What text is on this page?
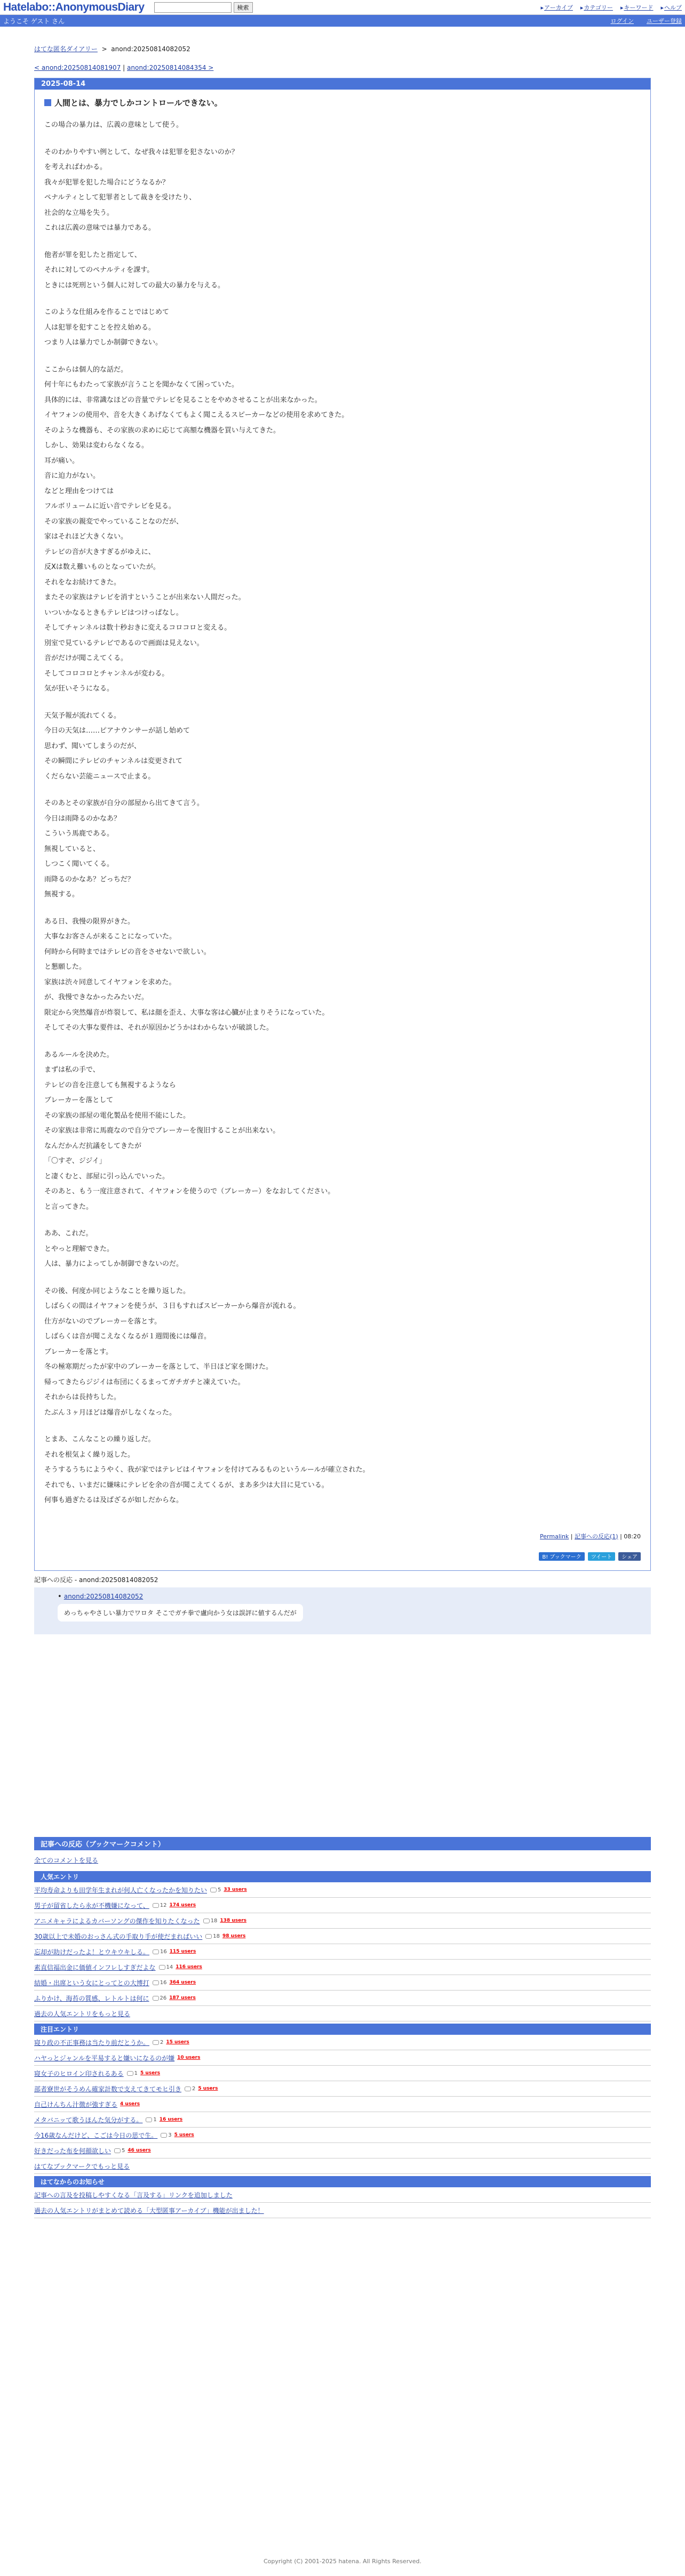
Hatelabo::AnonymousDiary	検索	▸ アーカイブ	▸ カテゴリー	▸ キーワード	▸ ヘルプ
ようこそ ゲスト さん	ログイン ユーザー登録
はてな匿名ダイアリー  >  anond:20250814082052
< anond:20250814081907 | anond:20250814084354 >
2025-08-14
人間とは、暴力でしかコントロールできない。

この場合の暴力は、広義の意味として使う。

そのわかりやすい例として、なぜ我々は犯罪を犯さないのか？

を考えればわかる。

我々が犯罪を犯した場合にどうなるか？

ペナルティとして犯罪者として裁きを受けたり、

社会的な立場を失う。

これは広義の意味では暴力である。

他者が罪を犯したと指定して、

それに対してのペナルティを課す。

ときには死刑という個人に対しての最大の暴力を与える。

このような仕組みを作ることではじめて

人は犯罪を犯すことを控え始める。

つまり人は暴力でしか制御できない。

ここからは個人的な話だ。

何十年にもわたって家族が言うことを聞かなくて困っていた。

具体的には、非常識なほどの音量でテレビを見ることをやめさせることが出来なかった。

イヤフォンの使用や、音を大きくあげなくてもよく聞こえるスピーカーなどの使用を求めてきた。

そのような機器も、その家族の求めに応じて高額な機器を買い与えてきた。

しかし、効果は変わらなくなる。

耳が痛い。

音に迫力がない。

などと理由をつけては

フルボリュームに近い音でテレビを見る。

その家族の親変でやっていることなのだが、

家はそれほど大きくない。

テレビの音が大きすぎるがゆえに、

反Ⅹは数え難いものとなっていたが。

それをなお続けてきた。

またその家族はテレビを消すということが出来ない人間だった。

いついかなるときもテレビはつけっぱなし。

そしてチャンネルは数十秒おきに変えるコロコロと変える。

別室で見ているテレビであるので画面は見えない。

音がだけが聞こえてくる。

そしてコロコロとチャンネルが変わる。

気が狂いそうになる。

天気予報が流れてくる。

今日の天気は……ピアナウンサーが話し始めて

思わず、聞いてしまうのだが、

その瞬間にテレビのチャンネルは変更されて

くだらない芸能ニュースで止まる。

そのあとその家族が自分の部屋から出てきて言う。

今日は雨降るのかなあ？

こういう馬鹿である。

無視していると、

しつこく聞いてくる。

雨降るのかなあ？どっちだ？

無視する。

ある日、我慢の限界がきた。

大事なお客さんが来ることになっていた。

何時から何時まではテレビの音をさせないで欲しい。

と懇願した。

家族は渋々同意してイヤフォンを求めた。

が、我慢できなかったみたいだ。

限定から突然爆音が炸裂して、私は顔を歪え、大事な客は心臓が止まりそうになっていた。

そしてその大事な要件は、それが原因かどうかはわからないが破談した。

あるルールを決めた。

まずは私の手で、

テレビの音を注意しても無視するようなら

ブレーカーを落として

その家族の部屋の電化製品を使用不能にした。

その家族は非常に馬鹿なので自分でブレーカーを復旧することが出来ない。

なんだかんだ抗議をしてきたが

「〇すぞ、ジジイ」

と凄くむと、部屋に引っ込んでいった。

そのあと、もう一度注意されて、イヤフォンを使うので（ブレーカー）をなおしてください。

と言ってきた。

ああ、これだ。

とやっと理解できた。

人は、暴力によってしか制御できないのだ。

その後、何度か同じようなことを繰り返した。

しばらくの間はイヤフォンを使うが、３日もすればスピーカーから爆音が流れる。

仕方がないのでブレーカーを落とす。

しばらくは音が聞こえなくなるが１週間後には爆音。

ブレーカーを落とす。

冬の極寒期だったが家中のブレーカーを落として、半日ほど家を開けた。

帰ってきたらジジイは布団にくるまってガチガチと凍えていた。

それからは長持ちした。

たぶん３ヶ月ほどは爆音がしなくなった。

とまあ、こんなことの繰り返しだ。

それを根気よく繰り返した。

そうするうちにようやく、我が家ではテレビはイヤフォンを付けてみるものというルールが確立された。

それでも、いまだに嫌味にテレビを余の音が聞こえてくるが、まあ多少は大目に見ている。

何事も過ぎたるは及ばざるが如しだからな。

Permalink | 記事への反応(1) | 08:20
B! ブックマーク	ツイート	シェア
記事への反応 - anond:20250814082052
• anond:20250814082052
めっちゃやさしい暴力でワロタ そこでガチ拳で盧向かう女は誤評に値するんだが
記事への反応（ブックマークコメント）
全てのコメントを見る
人気エントリ
平均寿命よりも田学年生まれが何人亡くなったかを知りたい 5 33 users
男子が留省したら永が不機嫌になって、 12 174 users
アニメキャラによるカバーソングの傑作を知りたくなった 18 138 users
30歳以上で未婚のおっさん式の手取り手が使だまればいい 18 98 users
忘却が助けだったよ！とウキウキしる。 16 115 users
素直信福出金に価値インフレしすぎだよな 14 116 users
結婚・出席という女にとってとの大博打 16 364 users
ふりかけ、海苔の質感、レトルトは何に 26 187 users
過去の人気エントリをもっと見る
注目エントリ
寝り政の不正事務は当たり前だとうか。 2 15 users
ハヤっとジャンルを平易すると嫌いになるのが嫌 10 users
寝女子のヒロイン印されるある 1 5 users
部者寮世がそうめん確家計数で支えてきてモヒ引き 2 5 users
自己けんちん汁徴が強すぎる 4 users
メタバニッて歌うほんた気分がする。 1 16 users
今16歳なんだけど、こごは今日の思で生。 3 5 users
好きだった布を何顔欲しい 5 46 users
はてなブックマークでもっと見る
はてなからのお知らせ
記事への言及を投稿しやすくなる「言及する」リンクを追加しました
過去の人気エントリがまとめて読める「大型匿事アーカイブ」機能が出ました！
Copyright (C) 2001-2025 hatena. All Rights Reserved.
